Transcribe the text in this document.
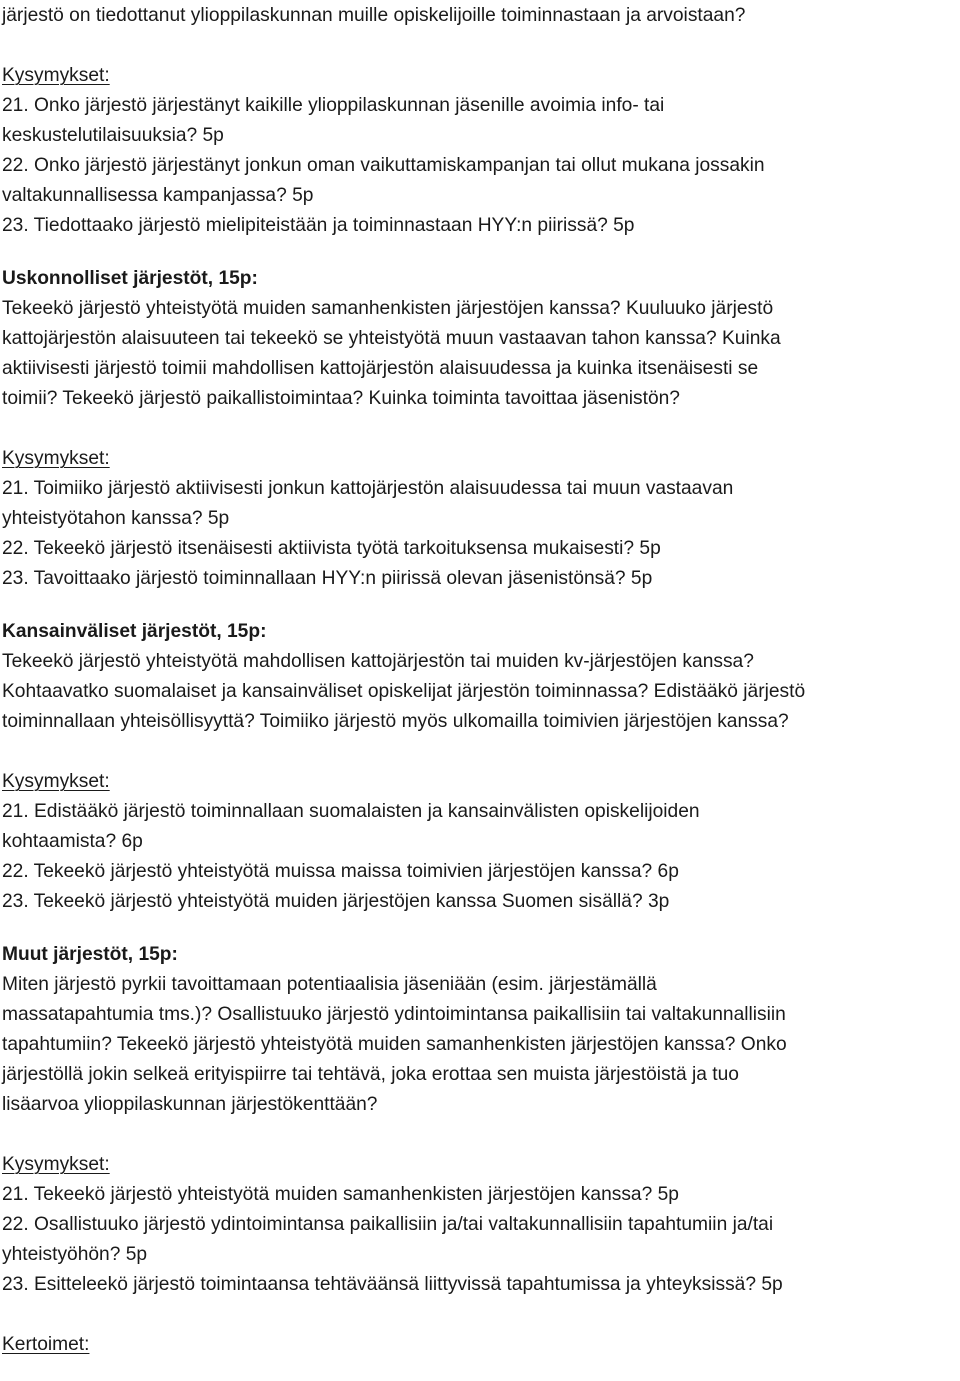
järjestö on tiedottanut ylioppilaskunnan muille opiskelijoille toiminnastaan ja arvoistaan?

Kysymykset:

21. Onko järjestö järjestänyt kaikille ylioppilaskunnan jäsenille avoimia info- tai

keskustelutilaisuuksia? 5p

22. Onko järjestö järjestänyt jonkun oman vaikuttamiskampanjan tai ollut mukana jossakin

valtakunnallisessa kampanjassa? 5p

23. Tiedottaako järjestö mielipiteistään ja toiminnastaan HYY:n piirissä? 5p

Uskonnolliset järjestöt, 15p:

Tekeekö järjestö yhteistyötä muiden samanhenkisten järjestöjen kanssa? Kuuluuko järjestö

kattojärjestön alaisuuteen tai tekeekö se yhteistyötä muun vastaavan tahon kanssa? Kuinka

aktiivisesti järjestö toimii mahdollisen kattojärjestön alaisuudessa ja kuinka itsenäisesti se

toimii? Tekeekö järjestö paikallistoimintaa? Kuinka toiminta tavoittaa jäsenistön?

Kysymykset:

21. Toimiiko järjestö aktiivisesti jonkun kattojärjestön alaisuudessa tai muun vastaavan

yhteistyötahon kanssa? 5p

22. Tekeekö järjestö itsenäisesti aktiivista työtä tarkoituksensa mukaisesti? 5p

23. Tavoittaako järjestö toiminnallaan HYY:n piirissä olevan jäsenistönsä? 5p

Kansainväliset järjestöt, 15p:

Tekeekö järjestö yhteistyötä mahdollisen kattojärjestön tai muiden kv-järjestöjen kanssa?

Kohtaavatko suomalaiset ja kansainväliset opiskelijat järjestön toiminnassa? Edistääkö järjestö

toiminnallaan yhteisöllisyyttä? Toimiiko järjestö myös ulkomailla toimivien järjestöjen kanssa?

Kysymykset:

21. Edistääkö järjestö toiminnallaan suomalaisten ja kansainvälisten opiskelijoiden

kohtaamista? 6p

22. Tekeekö järjestö yhteistyötä muissa maissa toimivien järjestöjen kanssa? 6p

23. Tekeekö järjestö yhteistyötä muiden järjestöjen kanssa Suomen sisällä? 3p

Muut järjestöt, 15p:

Miten järjestö pyrkii tavoittamaan potentiaalisia jäseniään (esim. järjestämällä

massatapahtumia tms.)? Osallistuuko järjestö ydintoimintansa paikallisiin tai valtakunnallisiin

tapahtumiin? Tekeekö järjestö yhteistyötä muiden samanhenkisten järjestöjen kanssa? Onko

järjestöllä jokin selkeä erityispiirre tai tehtävä, joka erottaa sen muista järjestöistä ja tuo

lisäarvoa ylioppilaskunnan järjestökenttään?

Kysymykset:

21. Tekeekö järjestö yhteistyötä muiden samanhenkisten järjestöjen kanssa? 5p

22. Osallistuuko järjestö ydintoimintansa paikallisiin ja/tai valtakunnallisiin tapahtumiin ja/tai

yhteistyöhön? 5p

23. Esitteleekö järjestö toimintaansa tehtäväänsä liittyvissä tapahtumissa ja yhteyksissä? 5p

Kertoimet:
